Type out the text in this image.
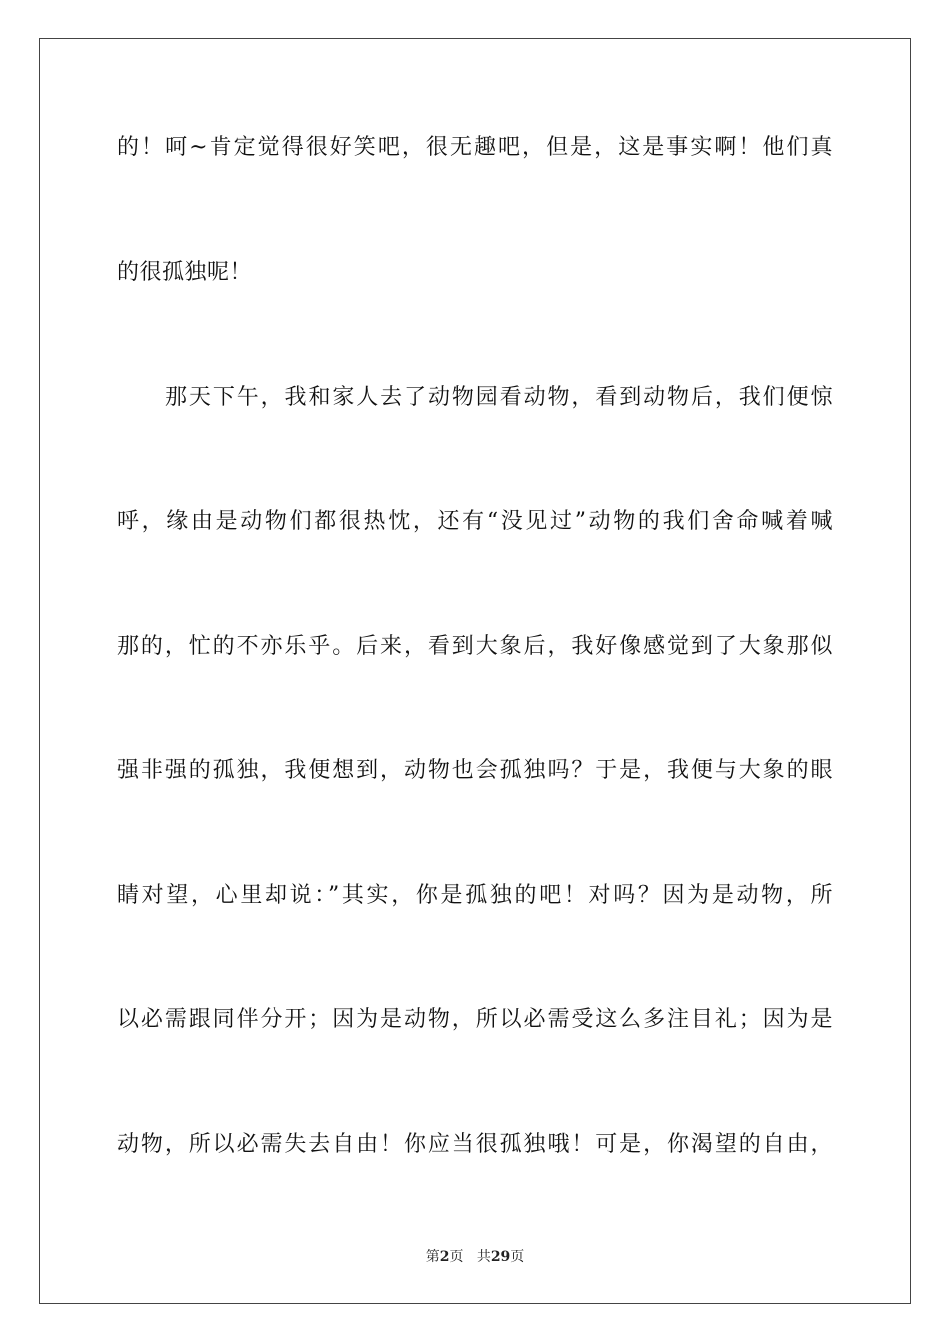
的！呵~肯定觉得很好笑吧，很无趣吧，但是，这是事实啊！他们真
的很孤独呢！
那天下午，我和家人去了动物园看动物，看到动物后，我们便惊
呼，缘由是动物们都很热忱，还有“没见过”动物的我们舍命喊着喊
那的，忙的不亦乐乎。后来，看到大象后，我好像感觉到了大象那似
强非强的孤独，我便想到，动物也会孤独吗？于是，我便与大象的眼
睛对望，心里却说：”其实，你是孤独的吧！对吗？因为是动物，所
以必需跟同伴分开；因为是动物，所以必需受这么多注目礼；因为是
动物，所以必需失去自由！你应当很孤独哦！可是，你渴望的自由，
第2页 共29页
